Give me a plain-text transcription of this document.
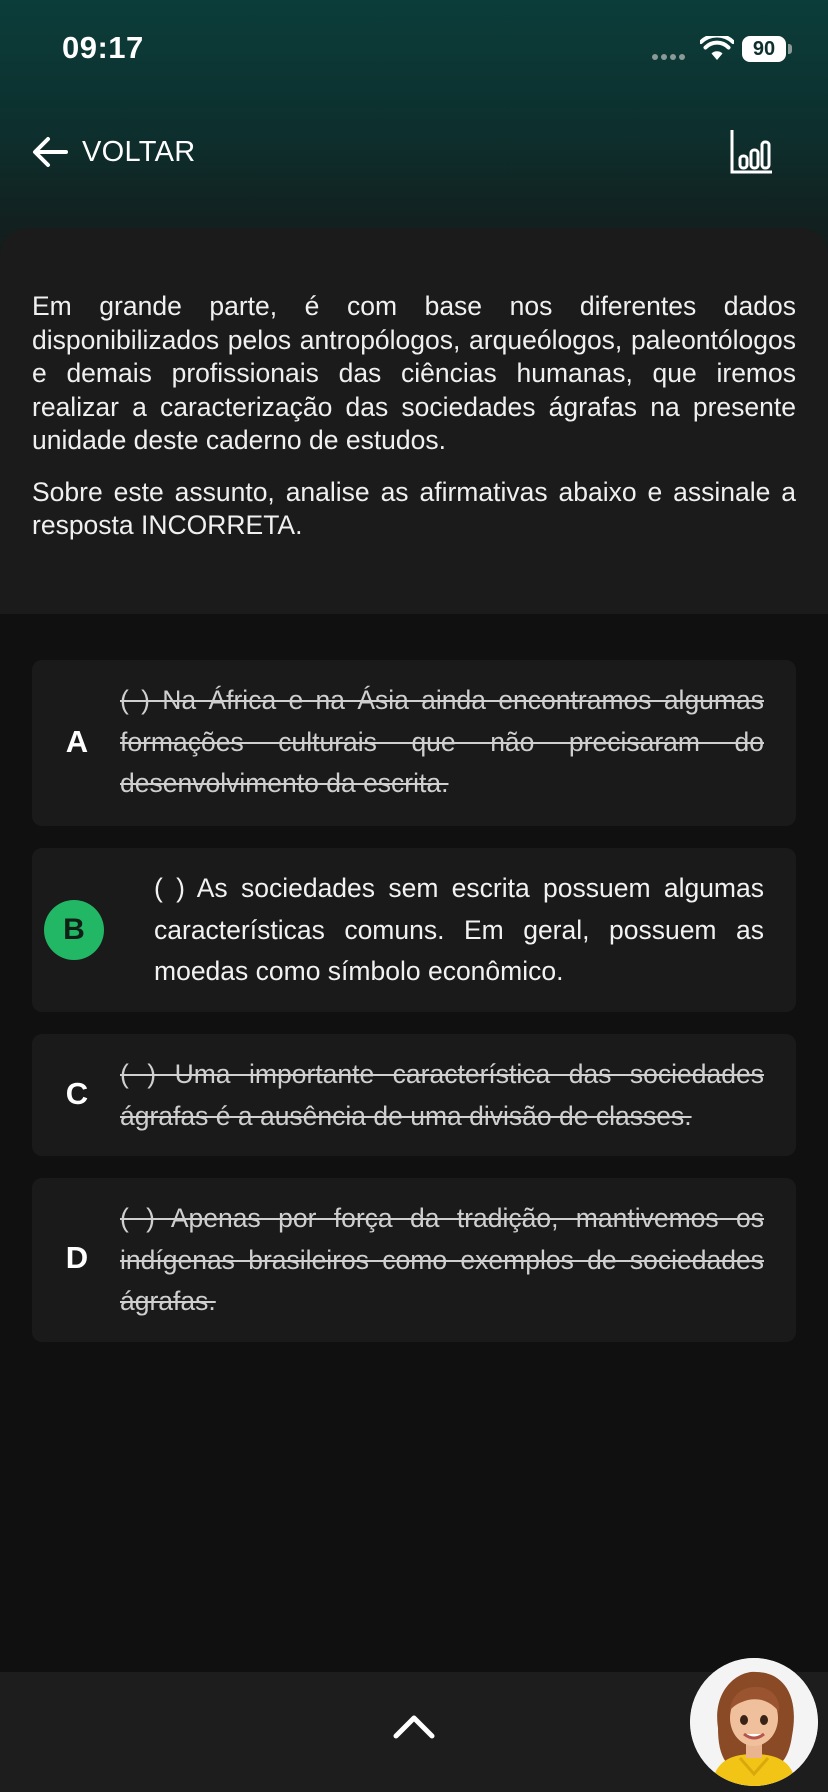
09:17	90
VOLTAR

Em grande parte, é com base nos diferentes dados disponibilizados pelos antropólogos, arqueólogos, paleontólogos e demais profissionais das ciências humanas, que iremos realizar a caracterização das sociedades ágrafas na presente unidade deste caderno de estudos.

Sobre este assunto, analise as afirmativas abaixo e assinale a resposta INCORRETA.

A
( ) Na África e na Ásia ainda encontramos algumas formações culturais que não precisaram do desenvolvimento da escrita.
B
( ) As sociedades sem escrita possuem algumas características comuns. Em geral, possuem as moedas como símbolo econômico.
C
( ) Uma importante característica das sociedades ágrafas é a ausência de uma divisão de classes.
D
( ) Apenas por força da tradição, mantivemos os indígenas brasileiros como exemplos de sociedades ágrafas.
